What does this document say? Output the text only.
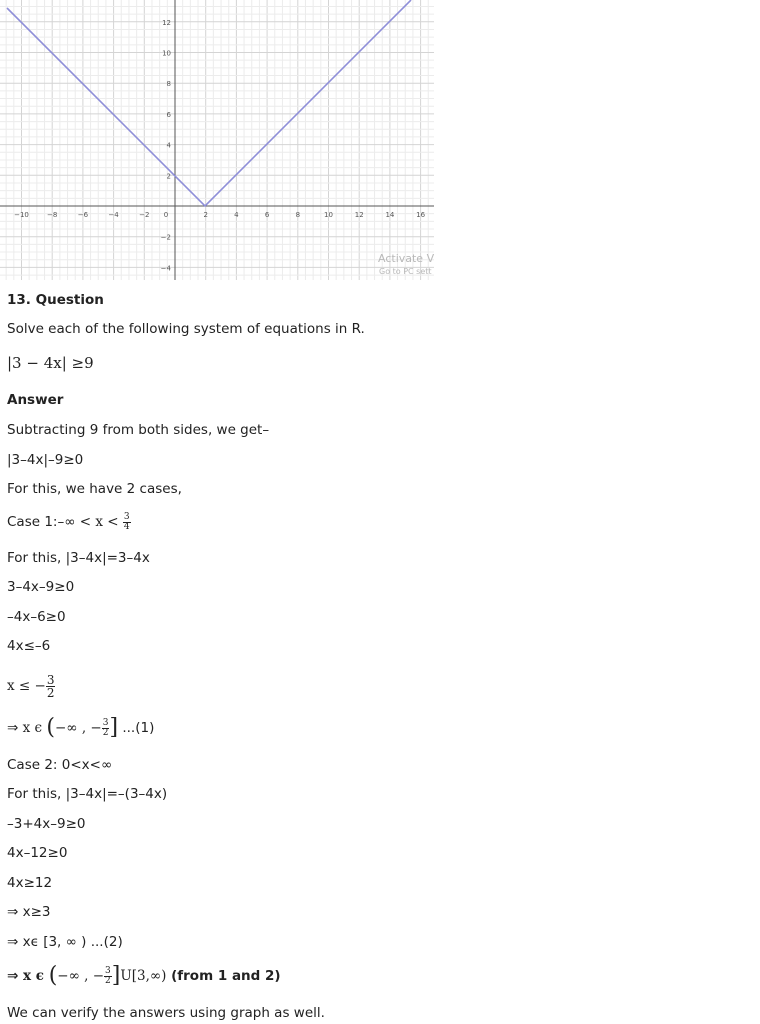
Activate V
Go to PC sett
−10	−8	−6	−4	−2 0	2	4	6	8	10	12	14	16
12
10
8
6
4
2
−2
−4
13. Question
Solve each of the following system of equations in R.
|3 − 4x| ≥9
Answer
Subtracting 9 from both sides, we get–
|3–4x|–9≥0
For this, we have 2 cases,
Case 1:–∞ < $x < \frac{3}{4}$
For this, |3–4x|=3–4x
3–4x–9≥0
–4x–6≥0
4x≤–6
x ≤ − $\frac{3}{2}$
⇒ x ϵ (−∞ , − $\frac{3}{2}$ ] ...(1)
Case 2: 0<x<∞
For this, |3–4x|=–(3–4x)
–3+4x–9≥0
4x–12≥0
4x≥12
⇒ x≥3
⇒ xϵ [3, ∞ ) ...(2)
⇒ x ϵ (−∞ , − $\frac{3}{2} ]U[3,\infty)$ (from 1 and 2)
We can verify the answers using graph as well.
